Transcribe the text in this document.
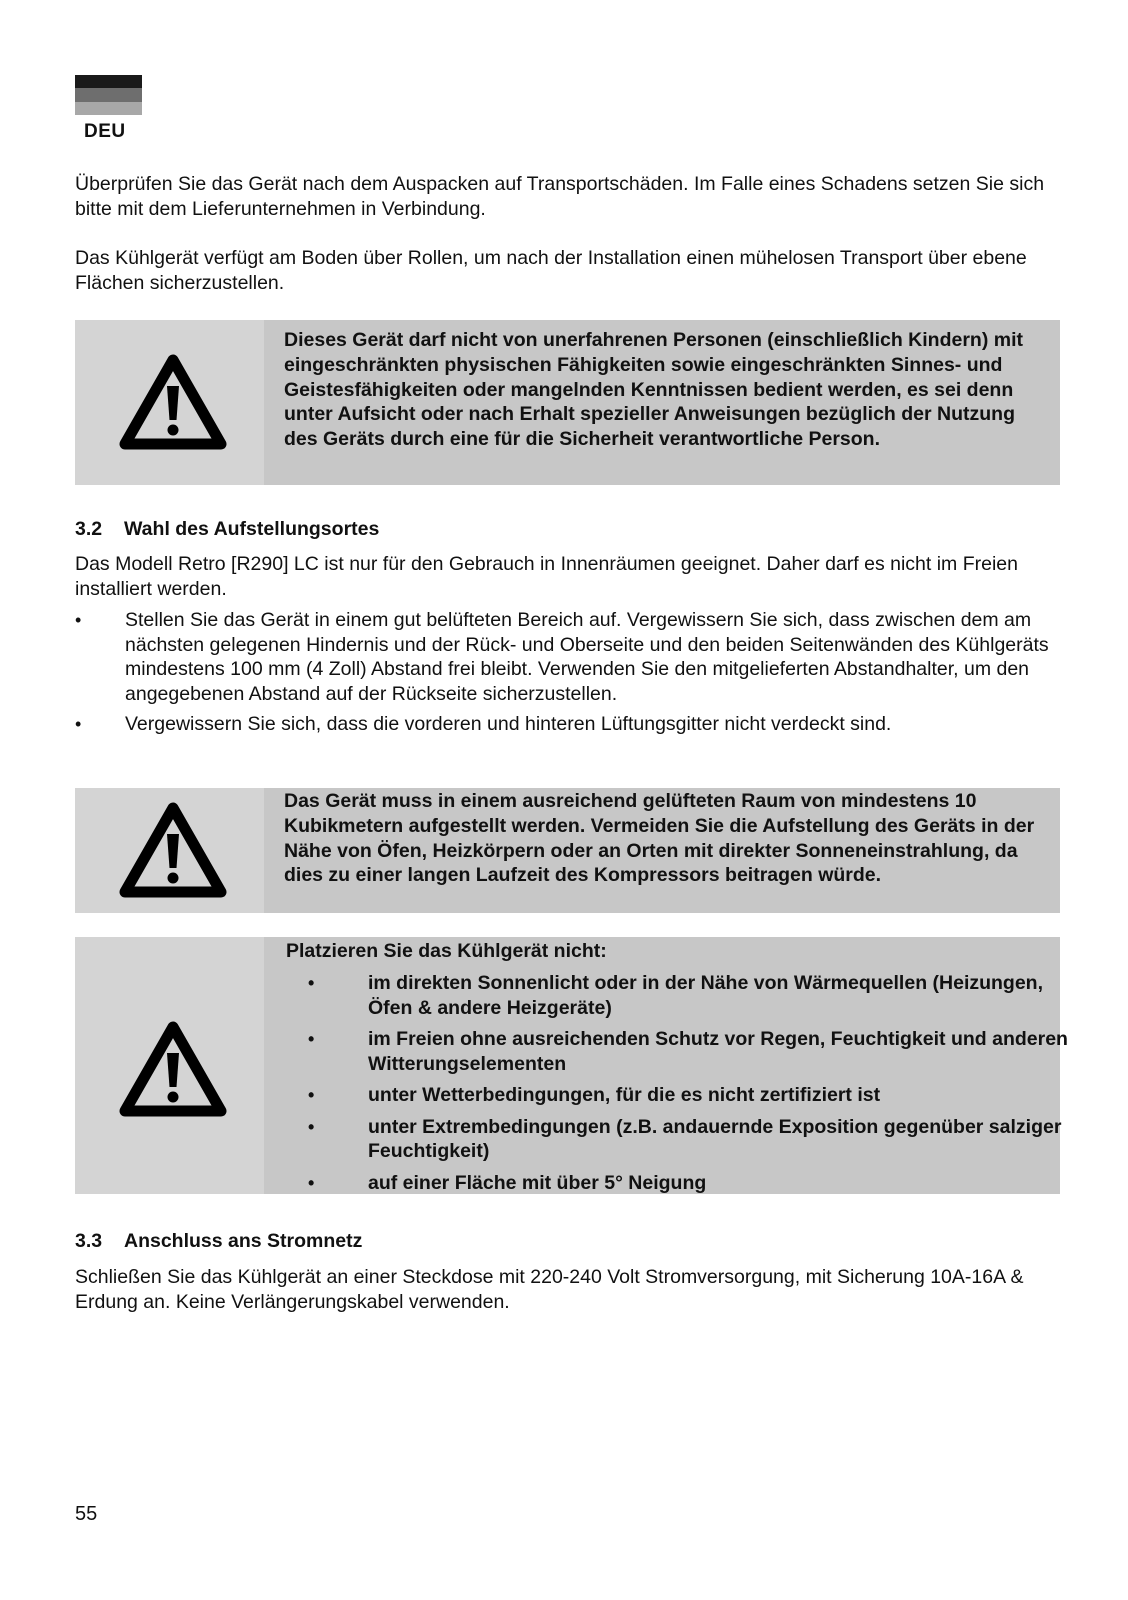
DEU

Überprüfen Sie das Gerät nach dem Auspacken auf Transportschäden. Im Falle eines Schadens setzen Sie sich bitte mit dem Lieferunternehmen in Verbindung.

Das Kühlgerät verfügt am Boden über Rollen, um nach der Installation einen mühelosen Transport über ebene Flächen sicherzustellen.

Dieses Gerät darf nicht von unerfahrenen Personen (einschließlich Kindern) mit eingeschränkten physischen Fähigkeiten sowie eingeschränkten Sinnes- und Geistesfähigkeiten oder mangelnden Kenntnissen bedient werden, es sei denn unter Aufsicht oder nach Erhalt spezieller Anweisungen bezüglich der Nutzung des Geräts durch eine für die Sicherheit verantwortliche Person.

3.2 Wahl des Aufstellungsortes

Das Modell Retro [R290] LC ist nur für den Gebrauch in Innenräumen geeignet. Daher darf es nicht im Freien installiert werden.

• Stellen Sie das Gerät in einem gut belüfteten Bereich auf. Vergewissern Sie sich, dass zwischen dem am nächsten gelegenen Hindernis und der Rück- und Oberseite und den beiden Seitenwänden des Kühlgeräts mindestens 100 mm (4 Zoll) Abstand frei bleibt. Verwenden Sie den mitgelieferten Abstandhalter, um den angegebenen Abstand auf der Rückseite sicherzustellen.
• Vergewissern Sie sich, dass die vorderen und hinteren Lüftungsgitter nicht verdeckt sind.

Das Gerät muss in einem ausreichend gelüfteten Raum von mindestens 10 Kubikmetern aufgestellt werden. Vermeiden Sie die Aufstellung des Geräts in der Nähe von Öfen, Heizkörpern oder an Orten mit direkter Sonneneinstrahlung, da dies zu einer langen Laufzeit des Kompressors beitragen würde.

Platzieren Sie das Kühlgerät nicht:

• im direkten Sonnenlicht oder in der Nähe von Wärmequellen (Heizungen, Öfen & andere Heizgeräte)
• im Freien ohne ausreichenden Schutz vor Regen, Feuchtigkeit und anderen Witterungselementen
• unter Wetterbedingungen, für die es nicht zertifiziert ist
• unter Extrembedingungen (z.B. andauernde Exposition gegenüber salziger Feuchtigkeit)
• auf einer Fläche mit über 5° Neigung
3.3 Anschluss ans Stromnetz

Schließen Sie das Kühlgerät an einer Steckdose mit 220-240 Volt Stromversorgung, mit Sicherung 10A-16A & Erdung an. Keine Verlängerungskabel verwenden.

55
